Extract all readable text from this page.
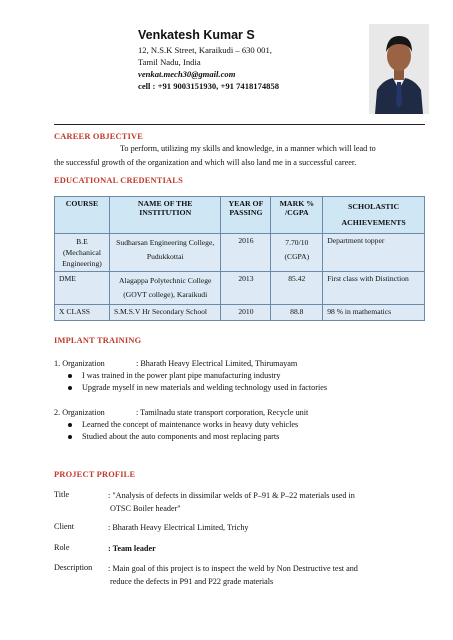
Venkatesh Kumar S
12, N.S.K Street, Karaikudi – 630 001,
Tamil Nadu, India
venkat.mech30@gmail.com
cell : +91 9003151930, +91 7418174858
CAREER OBJECTIVE
To perform, utilizing my skills and knowledge, in a manner which will lead to
the successful growth of the organization and which will also land me in a successful career.
EDUCATIONAL CREDENTIALS
COURSE	NAME OF THE INSTITUTION	YEAR OF PASSING	MARK % /CGPA	SCHOLASTIC ACHIEVEMENTS
B.E (Mechanical Engineering)	Sudharsan Engineering College, Pudukkottai	2016	7.70/10 (CGPA)	Department topper
DME	Alagappa Polytechnic College (GOVT college), Karaikudi	2013	85.42	First class with Distinction
X CLASS	S.M.S.V Hr Secondary School	2010	88.8	98 % in mathematics
IMPLANT TRAINING
1. Organization	: Bharath Heavy Electrical Limited, Thirumayam
I was trained in the power plant pipe manufacturing industry
Upgrade myself in new materials and welding technology used in factories
2. Organization	: Tamilnadu state transport corporation, Recycle unit
Learned the concept of maintenance works in heavy duty vehicles
Studied about the auto components and most replacing parts
PROJECT PROFILE
Title	: "Analysis of defects in dissimilar welds of P–91 & P–22 materials used in
OTSC Boiler header"
Client	: Bharath Heavy Electrical Limited, Trichy
Role	: Team leader
Description : Main goal of this project is to inspect the weld by Non Destructive test and
reduce the defects in P91 and P22 grade materials
